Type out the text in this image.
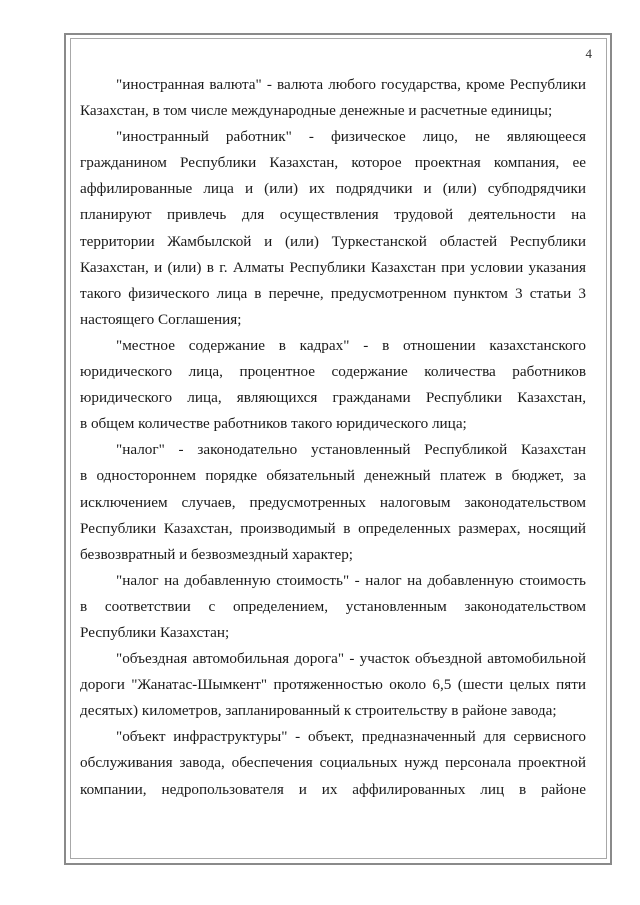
4
"иностранная валюта" - валюта любого государства, кроме Республики
Казахстан, в том числе международные денежные и расчетные единицы;
"иностранный работник" - физическое лицо, не являющееся
гражданином Республики Казахстан, которое проектная компания, ее
аффилированные лица и (или) их подрядчики и (или) субподрядчики
планируют привлечь для осуществления трудовой деятельности на
территории Жамбылской и (или) Туркестанской областей Республики
Казахстан, и (или) в г. Алматы Республики Казахстан при условии указания
такого физического лица в перечне, предусмотренном пунктом 3 статьи 3
настоящего Соглашения;
"местное содержание в кадрах" - в отношении казахстанского
юридического лица, процентное содержание количества работников
юридического лица, являющихся гражданами Республики Казахстан,
в общем количестве работников такого юридического лица;
"налог" - законодательно установленный Республикой Казахстан
в одностороннем порядке обязательный денежный платеж в бюджет, за
исключением случаев, предусмотренных налоговым законодательством
Республики Казахстан, производимый в определенных размерах, носящий
безвозвратный и безвозмездный характер;
"налог на добавленную стоимость" - налог на добавленную стоимость
в соответствии с определением, установленным законодательством
Республики Казахстан;
"объездная автомобильная дорога" - участок объездной автомобильной
дороги "Жанатас-Шымкент" протяженностью около 6,5 (шести целых пяти
десятых) километров, запланированный к строительству в районе завода;
"объект инфраструктуры" - объект, предназначенный для сервисного
обслуживания завода, обеспечения социальных нужд персонала проектной
компании, недропользователя и их аффилированных лиц в районе
